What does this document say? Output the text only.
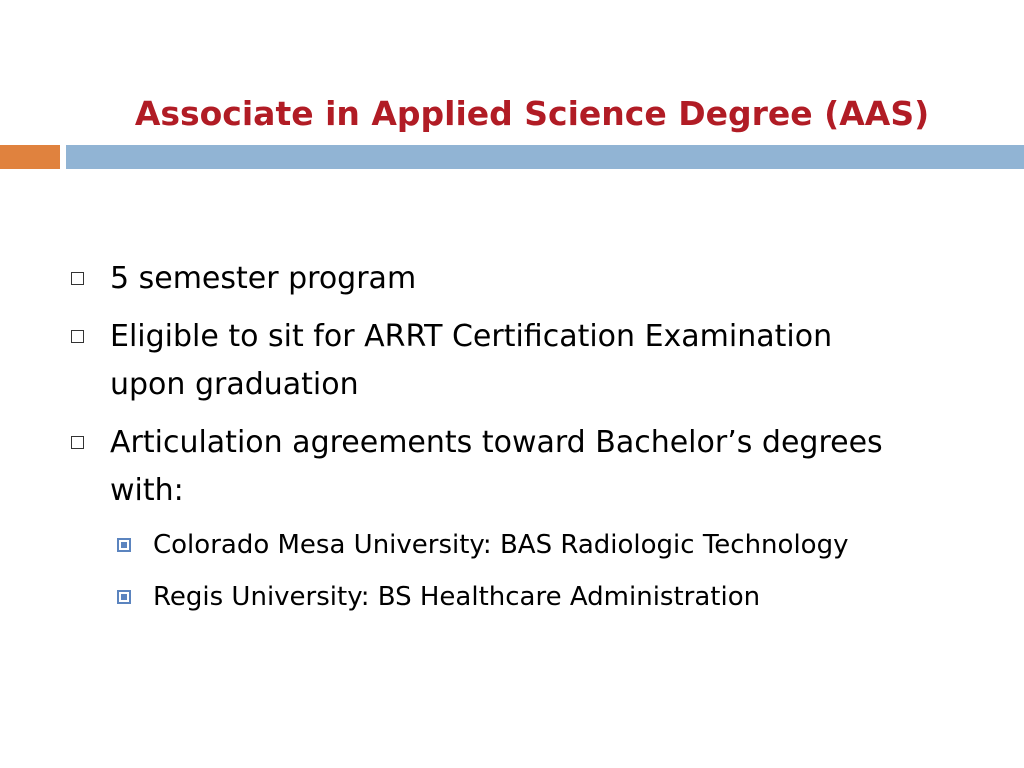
Associate in Applied Science Degree (AAS)
5 semester program
Eligible to sit for ARRT Certification Examination
upon graduation
Articulation agreements toward Bachelor’s degrees
with:
Colorado Mesa University: BAS Radiologic Technology
Regis University: BS Healthcare Administration
